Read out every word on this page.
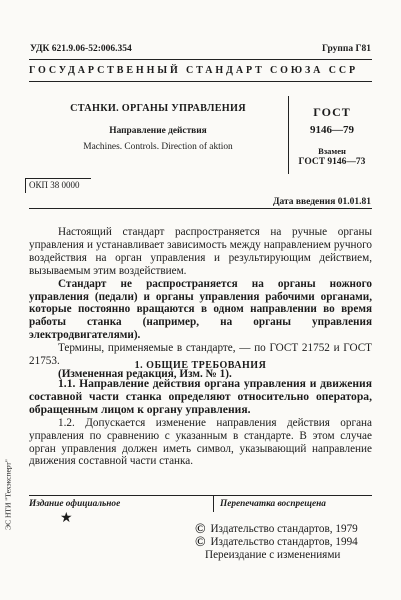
УДК 621.9.06-52:006.354	Группа Г81
ГОСУДАРСТВЕННЫЙ СТАНДАРТ СОЮЗА ССР
СТАНКИ. ОРГАНЫ УПРАВЛЕНИЯ
Направление действия
Machines. Controls. Direction of aktion
ГОСТ
9146—79
Взамен
ГОСТ 9146—73
ОКП 38 0000
Дата введения 01.01.81

Настоящий стандарт распространяется на ручные органы управления и устанавливает зависимость между направлением ручного воздействия на орган управления и результирующим действием, вызываемым этим воздействием.

Стандарт не распространяется на органы ножного управления (педали) и органы управления рабочими органами, которые постоянно вращаются в одном направлении во время работы станка (например, на органы управления электродвигателями).

Термины, применяемые в стандарте, — по ГОСТ 21752 и ГОСТ 21753.

(Измененная редакция, Изм. № 1).

1. ОБЩИЕ ТРЕБОВАНИЯ

1.1. Направление действия органа управления и движения составной части станка определяют относительно оператора, обращенным лицом к органу управления.

1.2. Допускается изменение направления действия органа управления по сравнению с указанным в стандарте. В этом случае орган управления должен иметь символ, указывающий направление движения составной части станка.

Издание официальное	Перепечатка воспрещена
★
© Издательство стандартов, 1979
© Издательство стандартов, 1994
Переиздание с изменениями
ЭС НТИ "Техэксперт"
